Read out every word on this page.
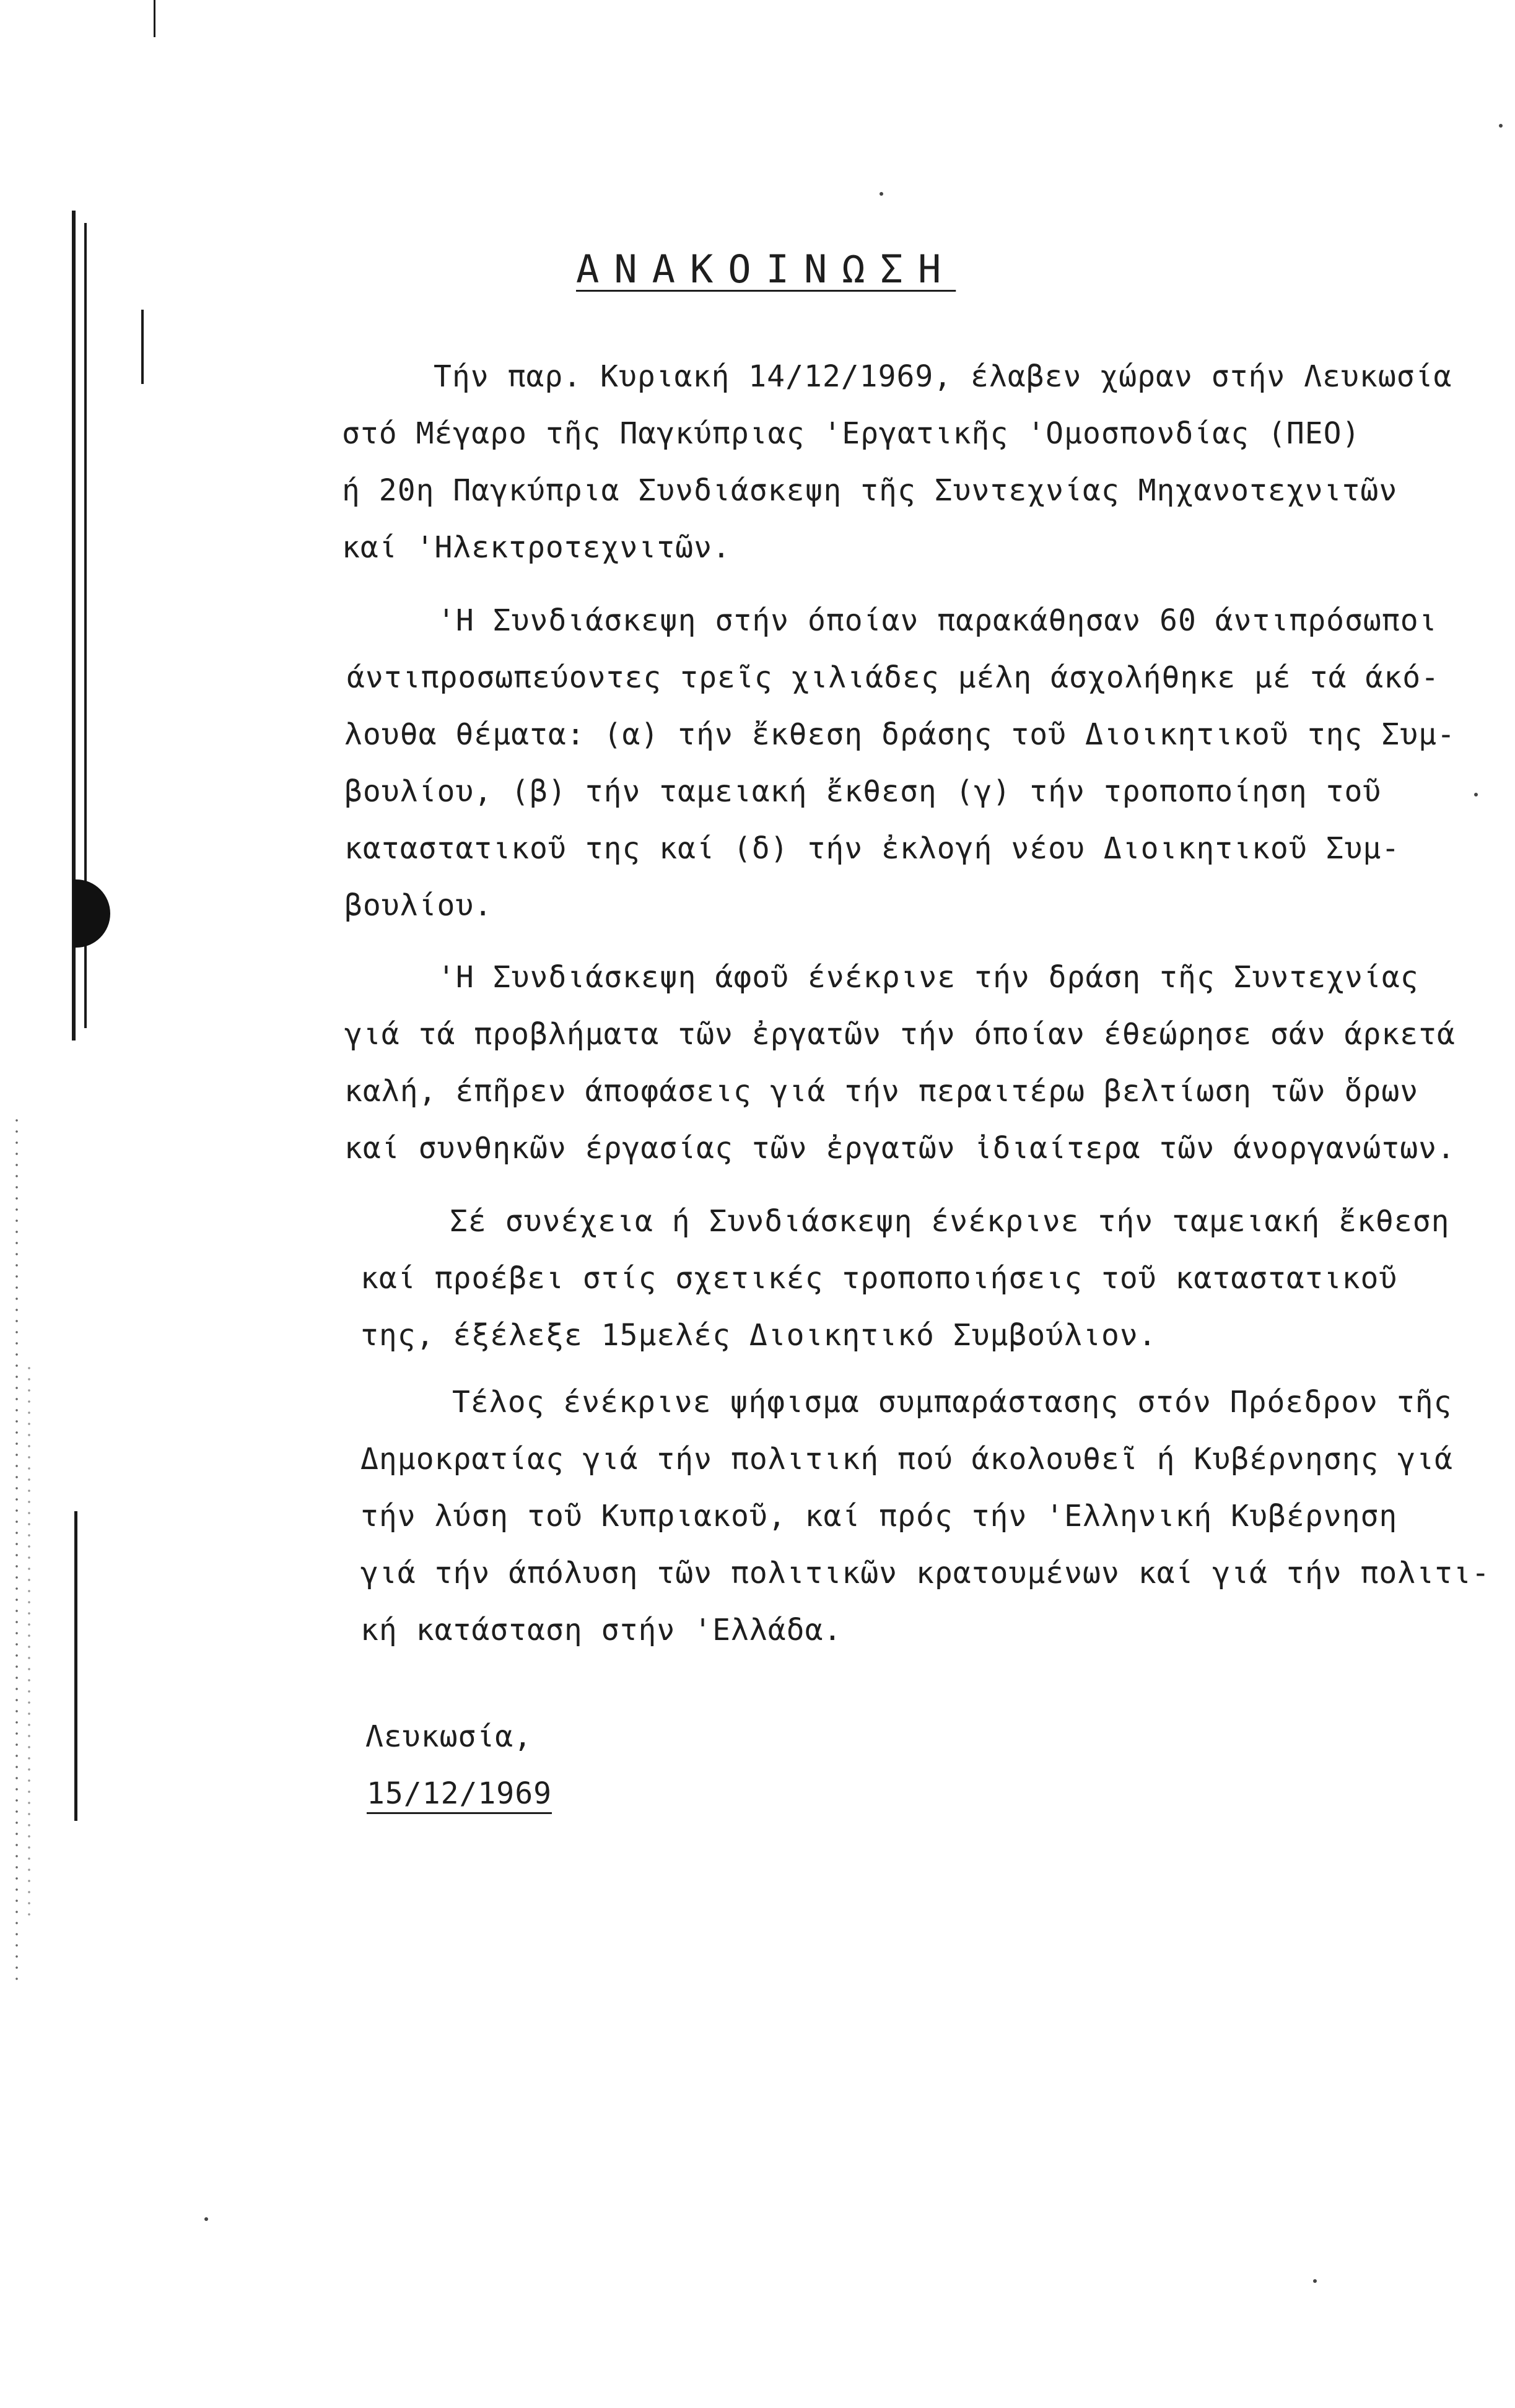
ΑΝΑΚΟΙΝΩΣΗ
Τήν παρ. Κυριακή 14/12/1969, έλαβεν χώραν στήν Λευκωσία
στό Μέγαρο τῆς Παγκύπριας 'Εργατικῆς 'Ομοσπονδίας (ΠΕΟ)
ή 20η Παγκύπρια Συνδιάσκεψη τῆς Συντεχνίας Μηχανοτεχνιτῶν
καί 'Ηλεκτροτεχνιτῶν.
'Η Συνδιάσκεψη στήν όποίαν παρακάθησαν 60 άντιπρόσωποι
άντιπροσωπεύοντες τρεῖς χιλιάδες μέλη άσχολήθηκε μέ τά άκό-
λουθα θέματα: (α) τήν ἔκθεση δράσης τοῦ Διοικητικοῦ της Συμ-
βουλίου, (β) τήν ταμειακή ἔκθεση (γ) τήν τροποποίηση τοῦ
καταστατικοῦ της καί (δ) τήν ἐκλογή νέου Διοικητικοῦ Συμ-
βουλίου.
'Η Συνδιάσκεψη άφοῦ ένέκρινε τήν δράση τῆς Συντεχνίας
γιά τά προβλήματα τῶν ἐργατῶν τήν όποίαν έθεώρησε σάν άρκετά
καλή, έπῆρεν άποφάσεις γιά τήν περαιτέρω βελτίωση τῶν ὅρων
καί συνθηκῶν έργασίας τῶν ἐργατῶν ἰδιαίτερα τῶν άνοργανώτων.
Σέ συνέχεια ή Συνδιάσκεψη ένέκρινε τήν ταμειακή ἔκθεση
καί προέβει στίς σχετικές τροποποιήσεις τοῦ καταστατικοῦ
της, έξέλεξε 15μελές Διοικητικό Συμβούλιον.
Τέλος ένέκρινε ψήφισμα συμπαράστασης στόν Πρόεδρον τῆς
Δημοκρατίας γιά τήν πολιτική πού άκολουθεῖ ή Κυβέρνησης γιά
τήν λύση τοῦ Κυπριακοῦ, καί πρός τήν 'Ελληνική Κυβέρνηση
γιά τήν άπόλυση τῶν πολιτικῶν κρατουμένων καί γιά τήν πολιτι-
κή κατάσταση στήν 'Ελλάδα.
Λευκωσία,
15/12/1969
